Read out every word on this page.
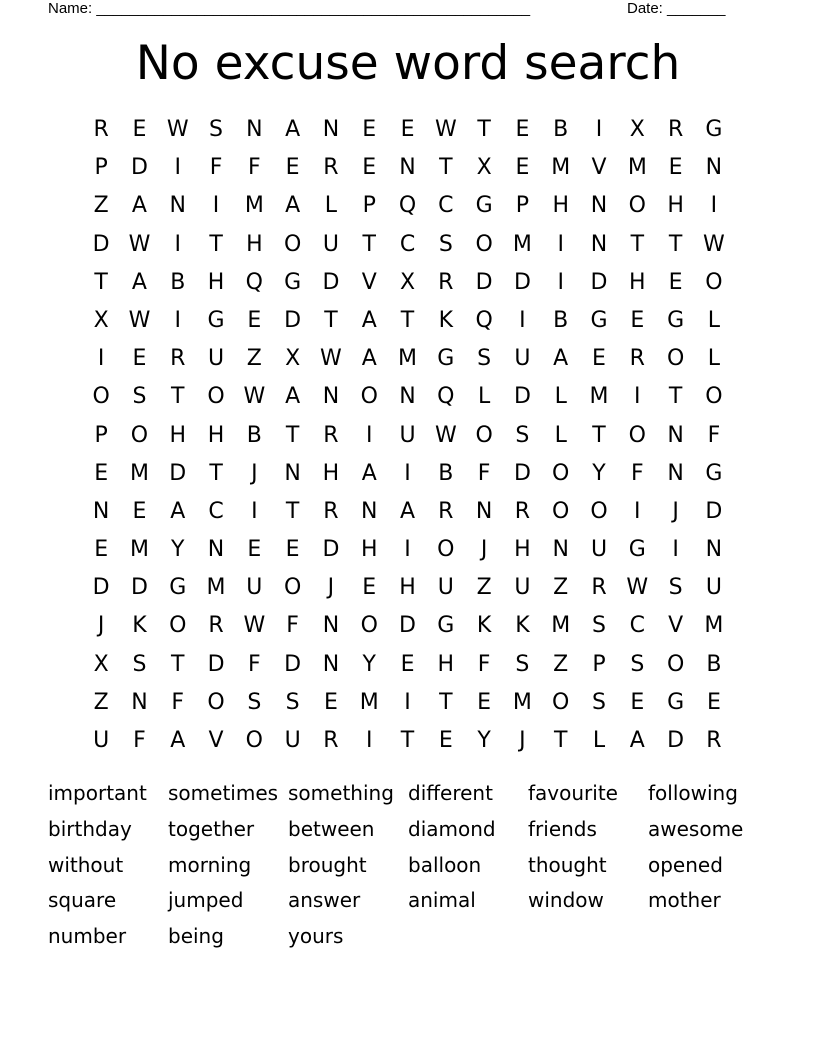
Name: ____________________________________________________	Date: _______
No excuse word search
R	E W S	N	A	N	E	E W T	E	B	I	X	R	G
P	D	I	F	F	E	R	E	N	T	X	E M V M E	N
Z	A	N	I	M A	L	P	Q C	G	P	H N O H	I
D W	I	T	H O U	T	C	S	O M	I	N	T	T W
T	A	B	H Q G D	V	X	R	D D	I	D H	E	O
X W	I	G	E	D	T	A	T	K	Q	I	B	G	E	G	L
I	E	R	U	Z	X W A M G	S	U	A	E	R O	L
O	S	T	O W A	N O N Q	L	D	L	M	I	T	O
P	O H H	B	T	R	I	U W O	S	L	T	O N	F
E M D	T	J	N H	A	I	B	F	D O	Y	F	N G
N	E	A	C	I	T	R	N	A	R	N	R O O	I	J	D
E M	Y	N	E	E	D H	I	O	J	H N	U G	I	N
D D G M U O	J	E	H U	Z	U	Z	R W S	U
J	K	O R W F	N O D G	K	K M S	C	V M
X	S	T	D	F	D N	Y	E	H	F	S	Z	P	S	O	B
Z	N	F	O	S	S	E M	I	T	E M O	S	E	G	E
U	F	A	V	O U	R	I	T	E	Y	J	T	L	A	D	R
important	sometimes something different	favourite	following
birthday	together	between	diamond	friends	awesome
without	morning	brought	balloon	thought	opened
square	jumped	answer	animal	window	mother
number	being	yours
